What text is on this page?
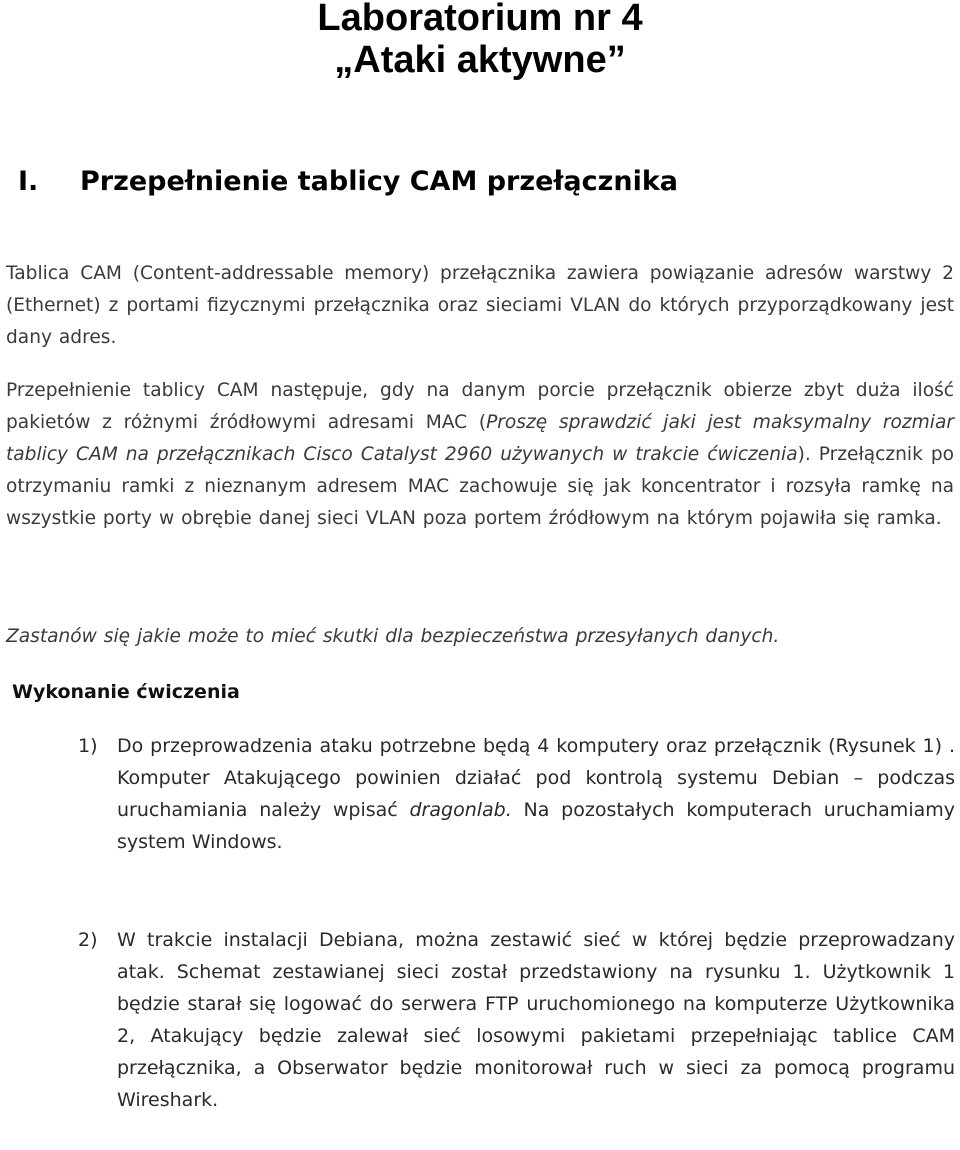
Laboratorium nr 4
„Ataki aktywne”
I. Przepełnienie tablicy CAM przełącznika

Tablica CAM (Content-addressable memory) przełącznika zawiera powiązanie adresów warstwy 2 (Ethernet) z portami fizycznymi przełącznika oraz sieciami VLAN do których przyporządkowany jest dany adres.

Przepełnienie tablicy CAM następuje, gdy na danym porcie przełącznik obierze zbyt duża ilość pakietów z różnymi źródłowymi adresami MAC (Proszę sprawdzić jaki jest maksymalny rozmiar tablicy CAM na przełącznikach Cisco Catalyst 2960 używanych w trakcie ćwiczenia). Przełącznik po otrzymaniu ramki z nieznanym adresem MAC zachowuje się jak koncentrator i rozsyła ramkę na wszystkie porty w obrębie danej sieci VLAN poza portem źródłowym na którym pojawiła się ramka.

Zastanów się jakie może to mieć skutki dla bezpieczeństwa przesyłanych danych.

Wykonanie ćwiczenia
1) Do przeprowadzenia ataku potrzebne będą 4 komputery oraz przełącznik (Rysunek 1) . Komputer Atakującego powinien działać pod kontrolą systemu Debian – podczas uruchamiania należy wpisać dragonlab. Na pozostałych komputerach uruchamiamy system Windows.
2) W trakcie instalacji Debiana, można zestawić sieć w której będzie przeprowadzany atak. Schemat zestawianej sieci został przedstawiony na rysunku 1. Użytkownik 1 będzie starał się logować do serwera FTP uruchomionego na komputerze Użytkownika 2, Atakujący będzie zalewał sieć losowymi pakietami przepełniając tablice CAM przełącznika, a Obserwator będzie monitorował ruch w sieci za pomocą programu Wireshark.
